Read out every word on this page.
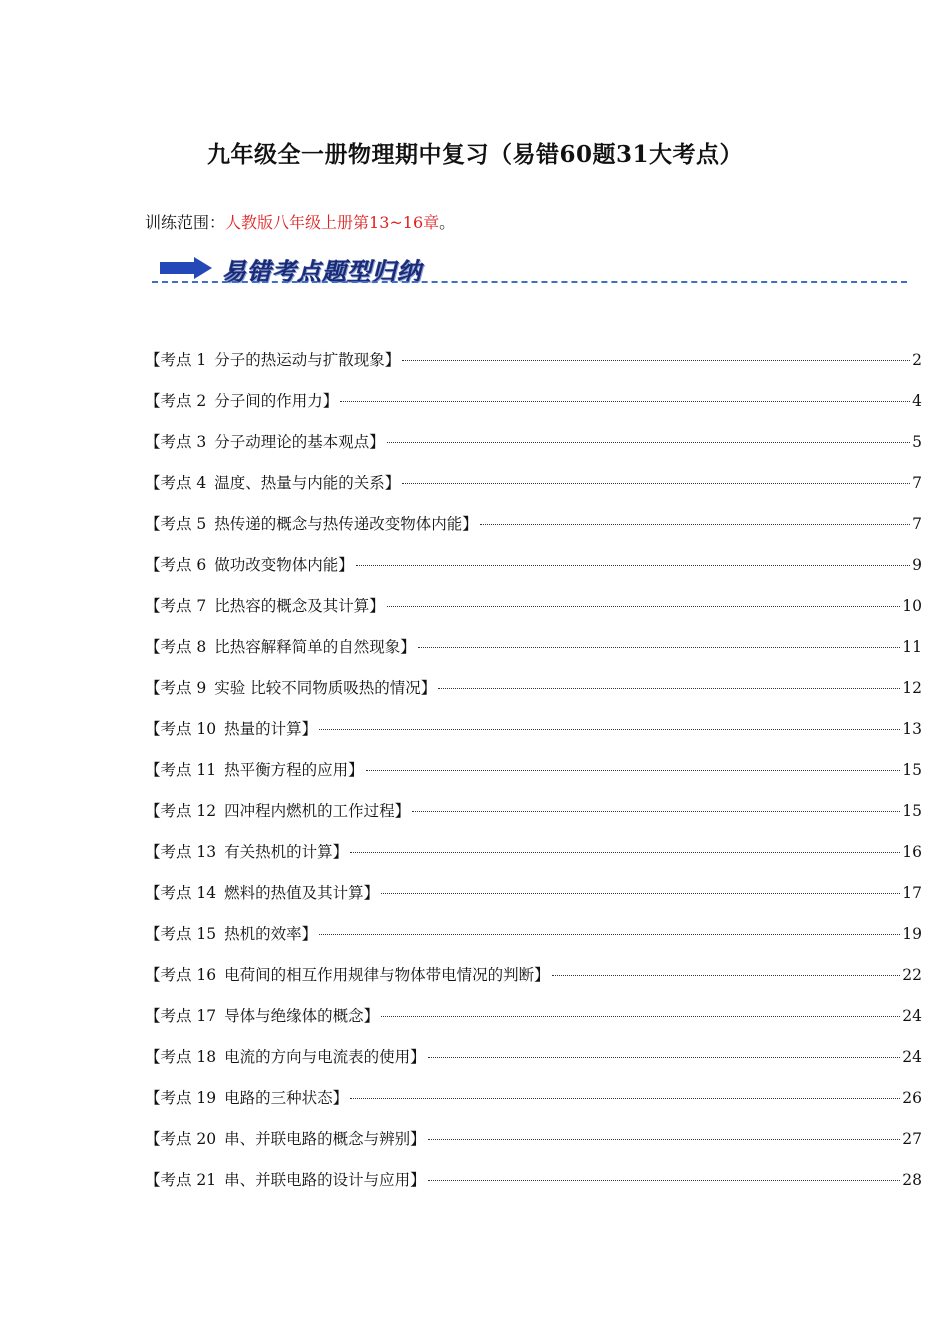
九年级全一册物理期中复习（易错60题31大考点）
训练范围：人教版八年级上册第13~16章。
易错考点题型归纳
【考点 1 分子的热运动与扩散现象】	2
【考点 2 分子间的作用力】	4
【考点 3 分子动理论的基本观点】	5
【考点 4 温度、热量与内能的关系】	7
【考点 5 热传递的概念与热传递改变物体内能】	7
【考点 6 做功改变物体内能】	9
【考点 7 比热容的概念及其计算】	10
【考点 8 比热容解释简单的自然现象】	11
【考点 9 实验 比较不同物质吸热的情况】	12
【考点 10 热量的计算】	13
【考点 11 热平衡方程的应用】	15
【考点 12 四冲程内燃机的工作过程】	15
【考点 13 有关热机的计算】	16
【考点 14 燃料的热值及其计算】	17
【考点 15 热机的效率】	19
【考点 16 电荷间的相互作用规律与物体带电情况的判断】	22
【考点 17 导体与绝缘体的概念】	24
【考点 18 电流的方向与电流表的使用】	24
【考点 19 电路的三种状态】	26
【考点 20 串、并联电路的概念与辨别】	27
【考点 21 串、并联电路的设计与应用】	28
